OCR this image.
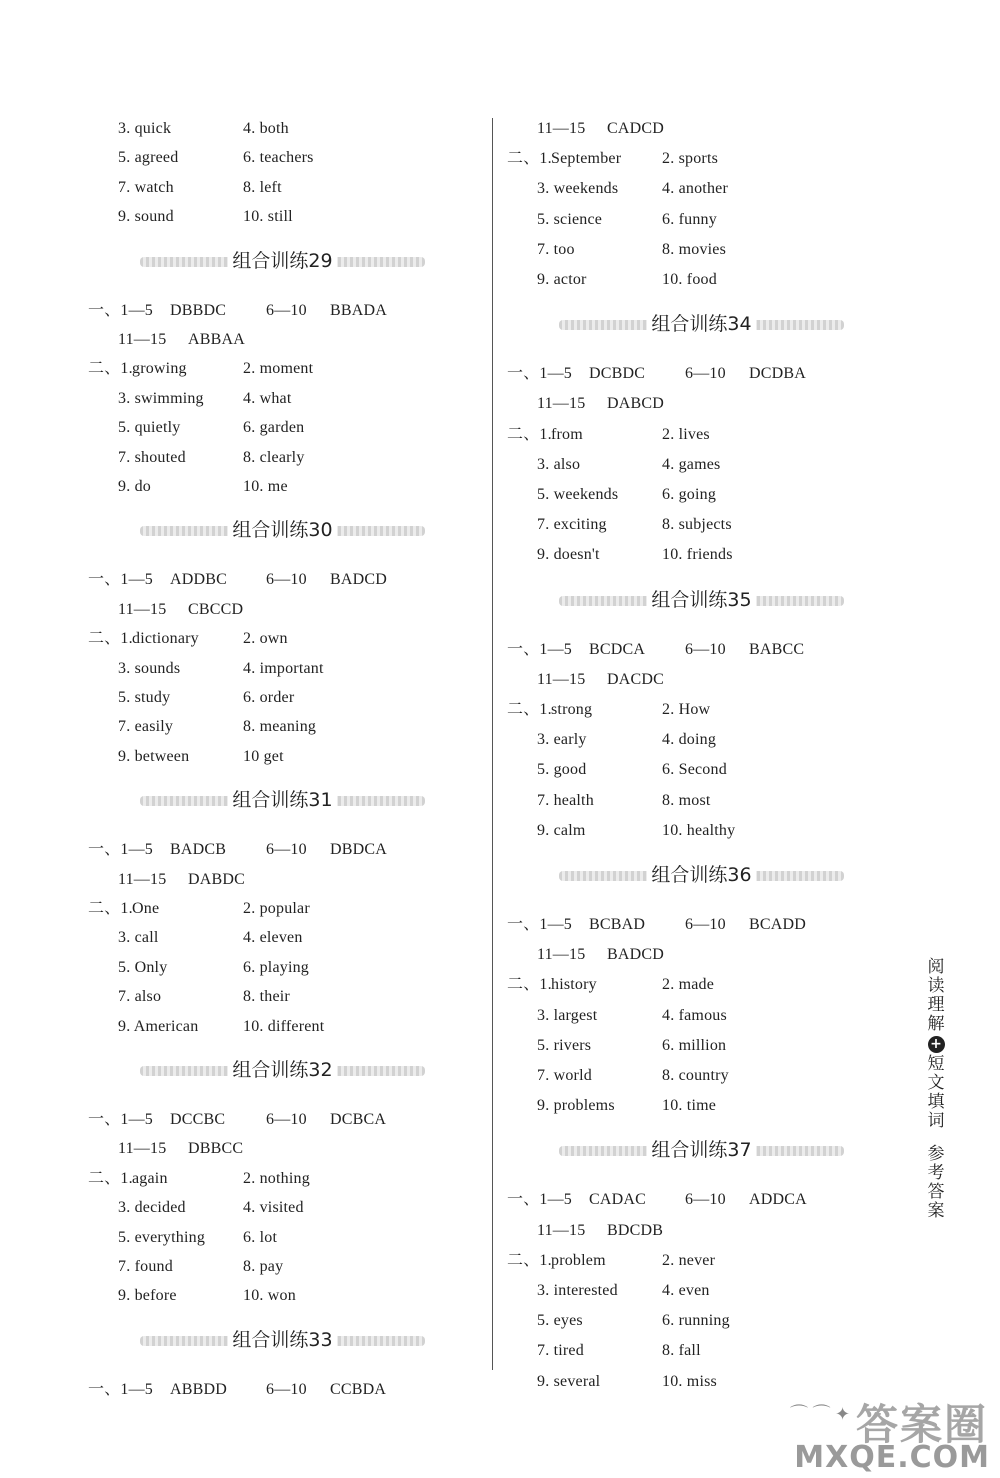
3. quick	4. both
5. agreed	6. teachers
7. watch	8. left
9. sound	10. still
组合训练29
一、1—5 DBBDC 6—10 BBADA
11—15 ABBAA
二、1. growing	2. moment
3. swimming 4. what
5. quietly	6. garden
7. shouted	8. clearly
9. do	10. me
组合训练30
一、1—5 ADDBC 6—10 BADCD
11—15 CBCCD
二、1. dictionary	2. own
3. sounds	4. important
5. study	6. order
7. easily	8. meaning
9. between	10 get
组合训练31
一、1—5 BADCB 6—10 DBDCA
11—15 DABDC
二、1. One	2. popular
3. call	4. eleven
5. Only	6. playing
7. also	8. their
9. American	10. different
组合训练32
一、1—5 DCCBC	6—10 DCBCA
11—15 DBBCC
二、1. again	2. nothing
3. decided	4. visited
5. everything 6. lot
7. found	8. pay
9. before	10. won
组合训练33
一、1—5 ABBDD 6—10 CCBDA
11—15 CADCD
二、1. September	2. sports
3. weekends	4. another
5. science	6. funny
7. too	8. movies
9. actor	10. food
组合训练34
一、1—5 DCBDC 6—10 DCDBA
11—15 DABCD
二、1. from	2. lives
3. also	4. games
5. weekends	6. going
7. exciting	8. subjects
9. doesn't	10. friends
组合训练35
一、1—5 BCDCA 6—10 BABCC
11—15 DACDC
二、1. strong	2. How
3. early	4. doing
5. good	6. Second
7. health	8. most
9. calm	10. healthy
组合训练36
一、1—5 BCBAD 6—10 BCADD
11—15 BADCD
二、1. history	2. made
3. largest	4. famous
5. rivers	6. million
7. world	8. country
9. problems	10. time
组合训练37
一、1—5 CADAC 6—10 ADDCA
11—15 BDCDB
二、1. problem	2. never
3. interested	4. even
5. eyes	6. running
7. tired	8. fall
9. several	10. miss
阅
读
理
解
+
短
文
填
词
参
考
答
案
⌒ ⌒ ✦ 答案圈
MXQE.COM
